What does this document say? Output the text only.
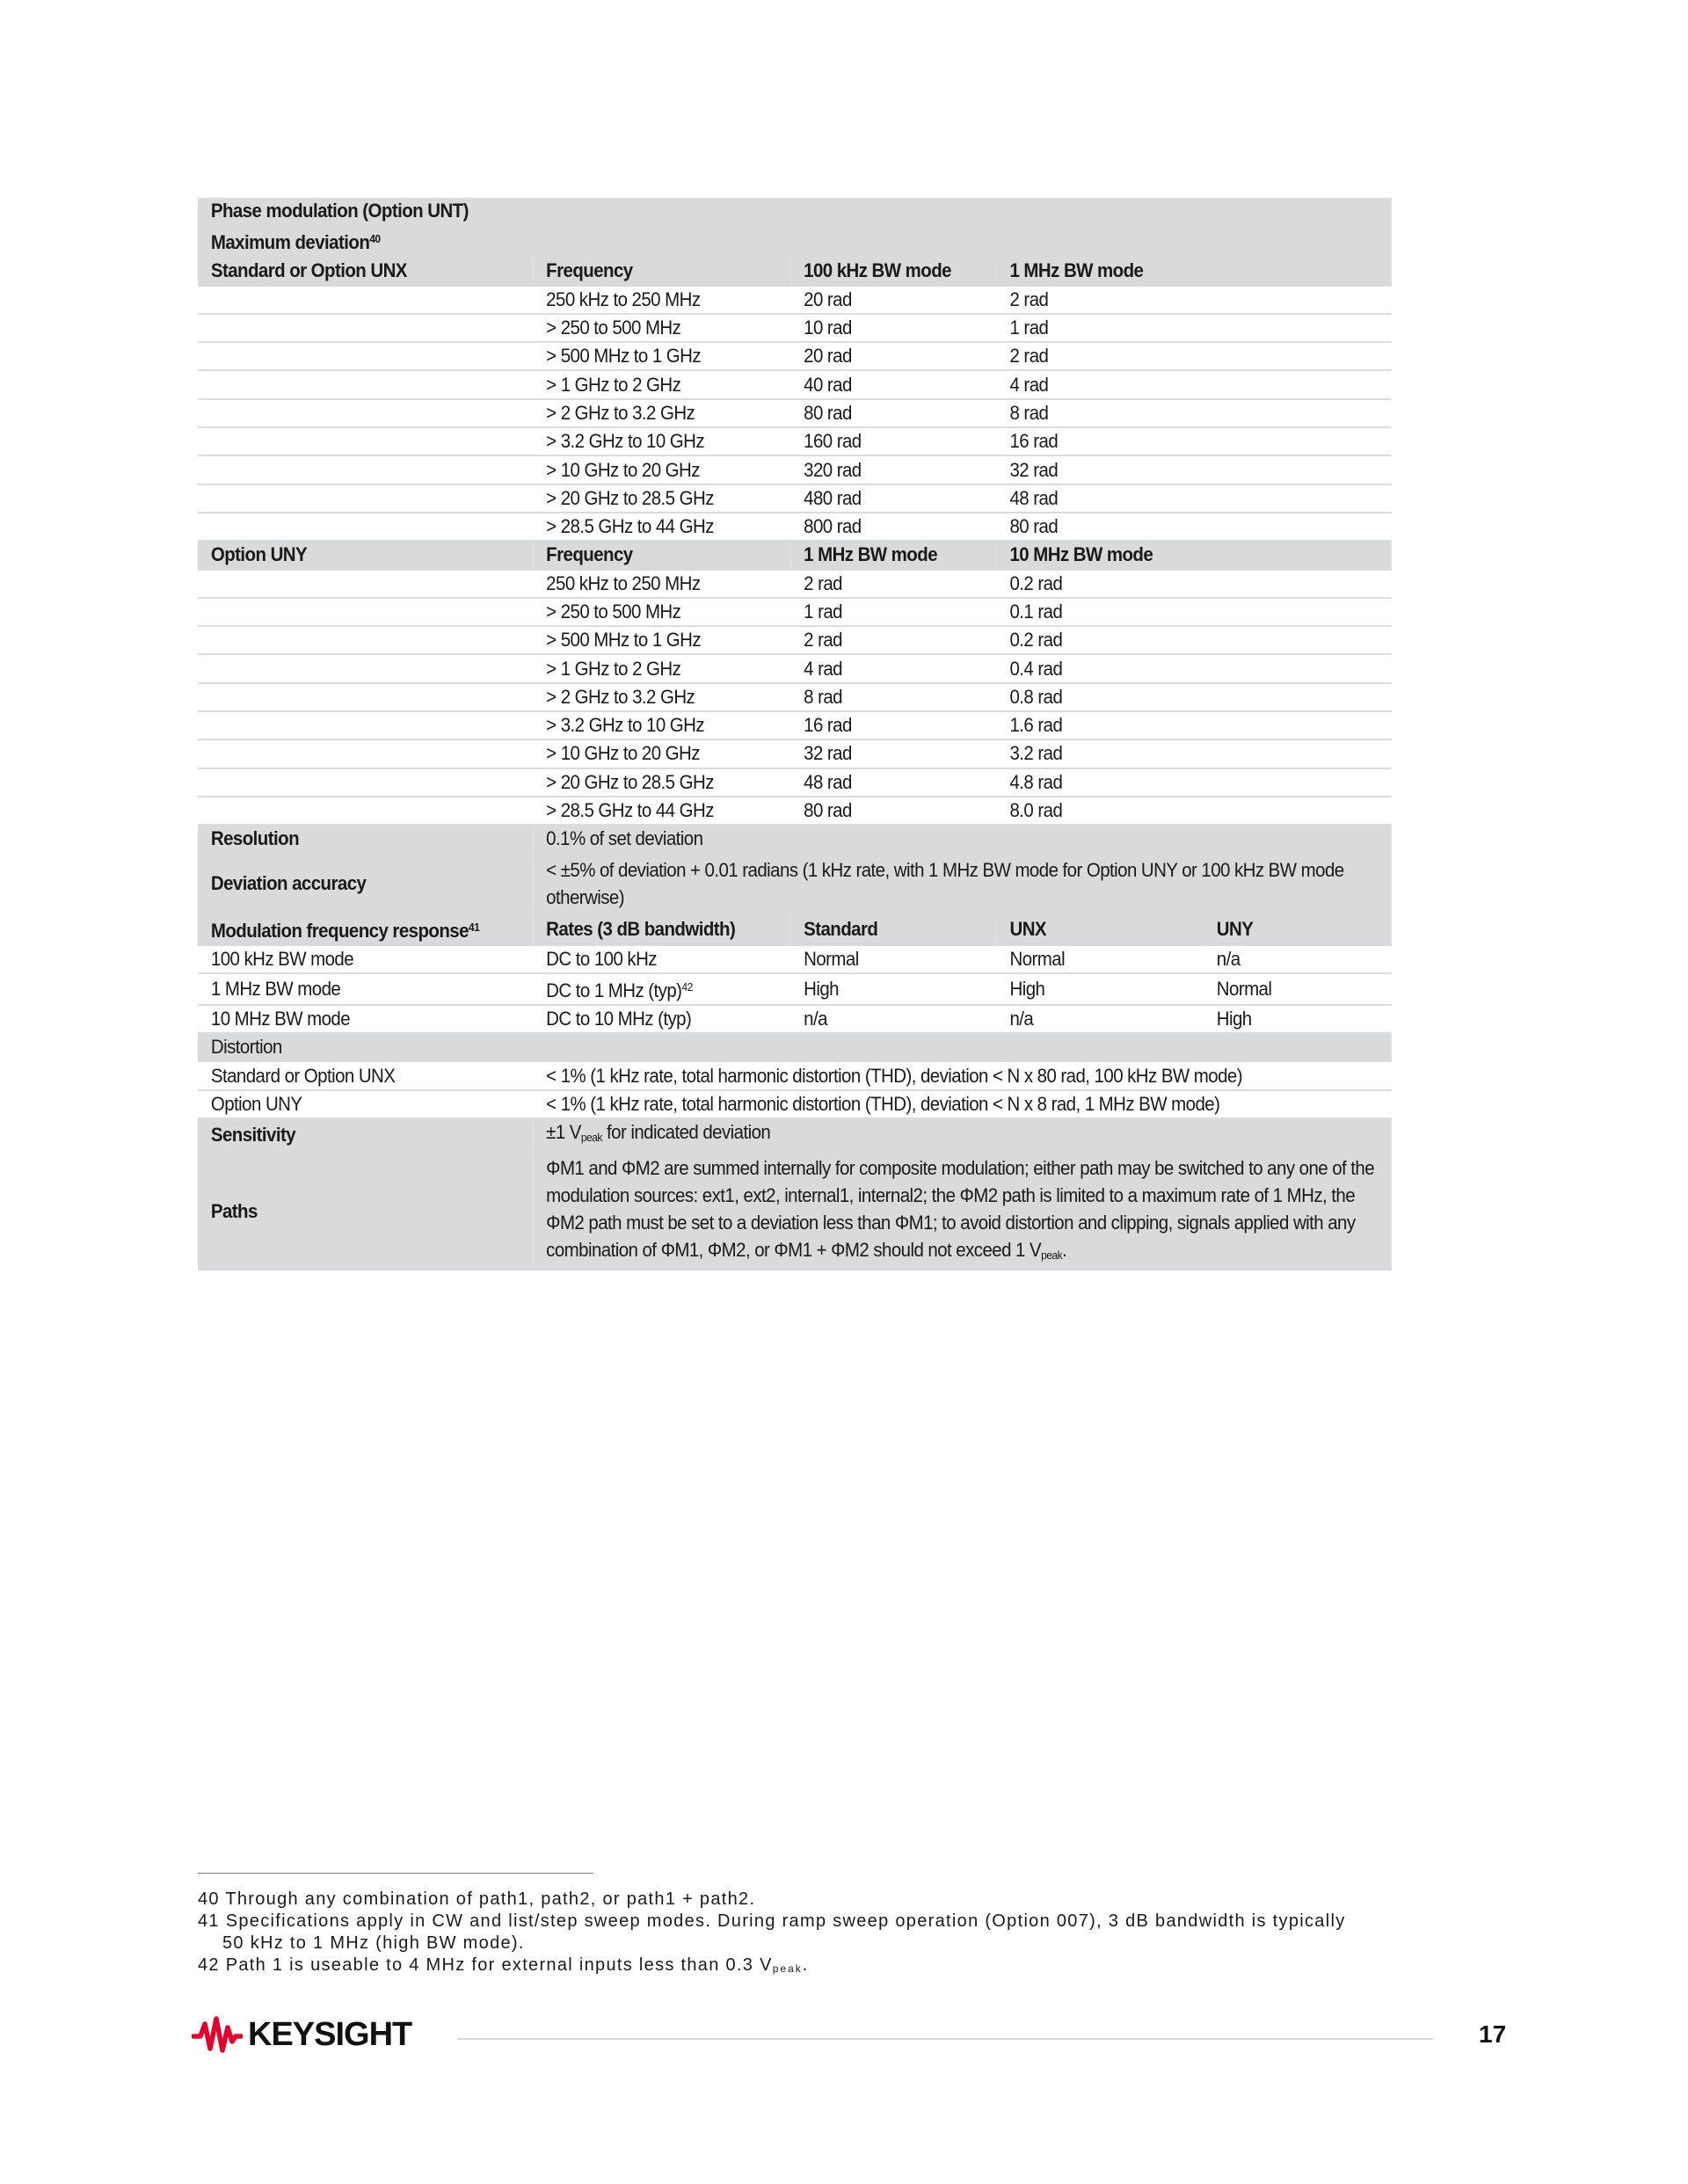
Phase modulation (Option UNT)				
Maximum deviation$^{40}$
Standard or Option UNX	Frequency	100 kHz BW mode	1 MHz BW mode	
	250 kHz to 250 MHz	20 rad	2 rad	
	> 250 to 500 MHz	10 rad	1 rad	
	> 500 MHz to 1 GHz	20 rad	2 rad	
	> 1 GHz to 2 GHz	40 rad	4 rad	
	> 2 GHz to 3.2 GHz	80 rad	8 rad	
	> 3.2 GHz to 10 GHz	160 rad	16 rad	
	> 10 GHz to 20 GHz	320 rad	32 rad	
	> 20 GHz to 28.5 GHz	480 rad	48 rad	
	> 28.5 GHz to 44 GHz	800 rad	80 rad	
Option UNY	Frequency	1 MHz BW mode	10 MHz BW mode	
	250 kHz to 250 MHz	2 rad	0.2 rad	
	> 250 to 500 MHz	1 rad	0.1 rad	
	> 500 MHz to 1 GHz	2 rad	0.2 rad	
	> 1 GHz to 2 GHz	4 rad	0.4 rad	
	> 2 GHz to 3.2 GHz	8 rad	0.8 rad	
	> 3.2 GHz to 10 GHz	16 rad	1.6 rad	
	> 10 GHz to 20 GHz	32 rad	3.2 rad	
	> 20 GHz to 28.5 GHz	48 rad	4.8 rad	
	> 28.5 GHz to 44 GHz	80 rad	8.0 rad	
Resolution	0.1% of set deviation			
Deviation accuracy	< ±5% of deviation + 0.01 radians (1 kHz rate, with 1 MHz BW mode for Option UNY or 100 kHz BW mode otherwise)			
Modulation frequency response$^{41}$	Rates (3 dB bandwidth)	Standard	UNX	UNY
100 kHz BW mode	DC to 100 kHz	Normal	Normal	n/a
1 MHz BW mode	DC to 1 MHz (typ)$^{42}$	High	High	Normal
10 MHz BW mode	DC to 10 MHz (typ)	n/a	n/a	High
Distortion				
Standard or Option UNX	< 1% (1 kHz rate, total harmonic distortion (THD), deviation < N x 80 rad, 100 kHz BW mode)			
Option UNY	< 1% (1 kHz rate, total harmonic distortion (THD), deviation < N x 8 rad, 1 MHz BW mode)			
Sensitivity	±1 $V_{peak}$ for indicated deviation			
Paths	ΦM1 and ΦM2 are summed internally for composite modulation; either path may be switched to any one of the modulation sources: ext1, ext2, internal1, internal2; the ΦM2 path is limited to a maximum rate of 1 MHz, the ΦM2 path must be set to a deviation less than ΦM1; to avoid distortion and clipping, signals applied with any combination of ΦM1, ΦM2, or ΦM1 + ΦM2 should not exceed 1 $V_{peak}$.			
40 Through any combination of path1, path2, or path1 + path2.
41 Specifications apply in CW and list/step sweep modes. During ramp sweep operation (Option 007), 3 dB bandwidth is typically
50 kHz to 1 MHz (high BW mode).
42 Path 1 is useable to 4 MHz for external inputs less than 0.3 $V_{peak}$.
KEYSIGHT	17
